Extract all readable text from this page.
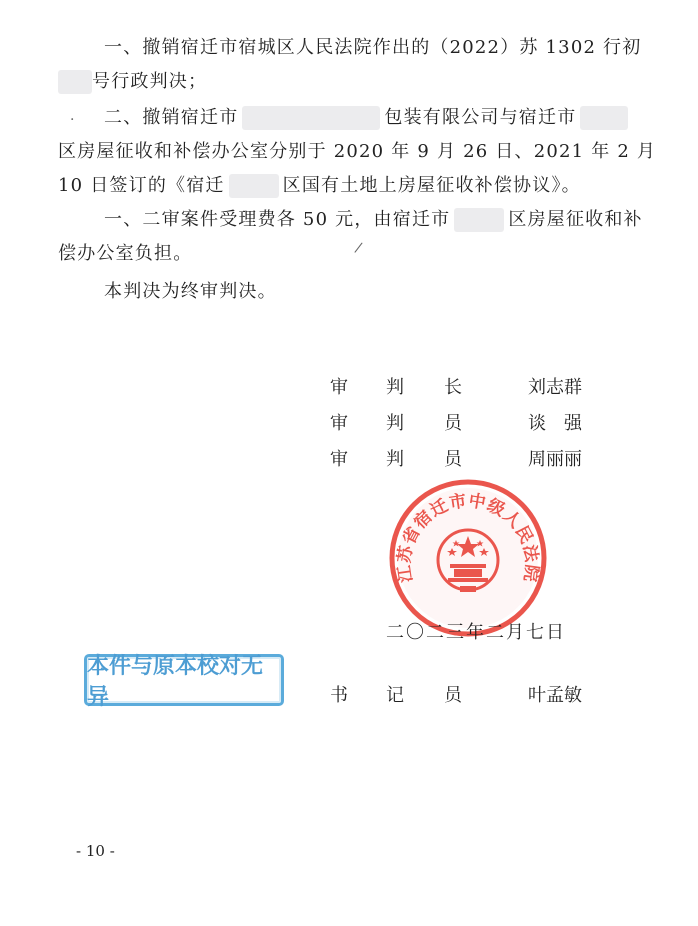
一、撤销宿迁市宿城区人民法院作出的（2022）苏 1302 行初
号行政判决；
二、撤销宿迁市	包装有限公司与宿迁市
区房屋征收和补偿办公室分别于 2020 年 9 月 26 日、2021 年 2 月
10 日签订的《宿迁	区国有土地上房屋征收补偿协议》。
一、二审案件受理费各 50 元，由宿迁市	区房屋征收和补
偿办公室负担。
本判决为终审判决。
/
·
审 判 长	刘志群
审 判 员	谈　强
审 判 员	周丽丽
江苏省宿迁市中级人民法院
二〇二三年二月七日
本件与原本校对无异	书 记 员	叶孟敏
- 10 -
